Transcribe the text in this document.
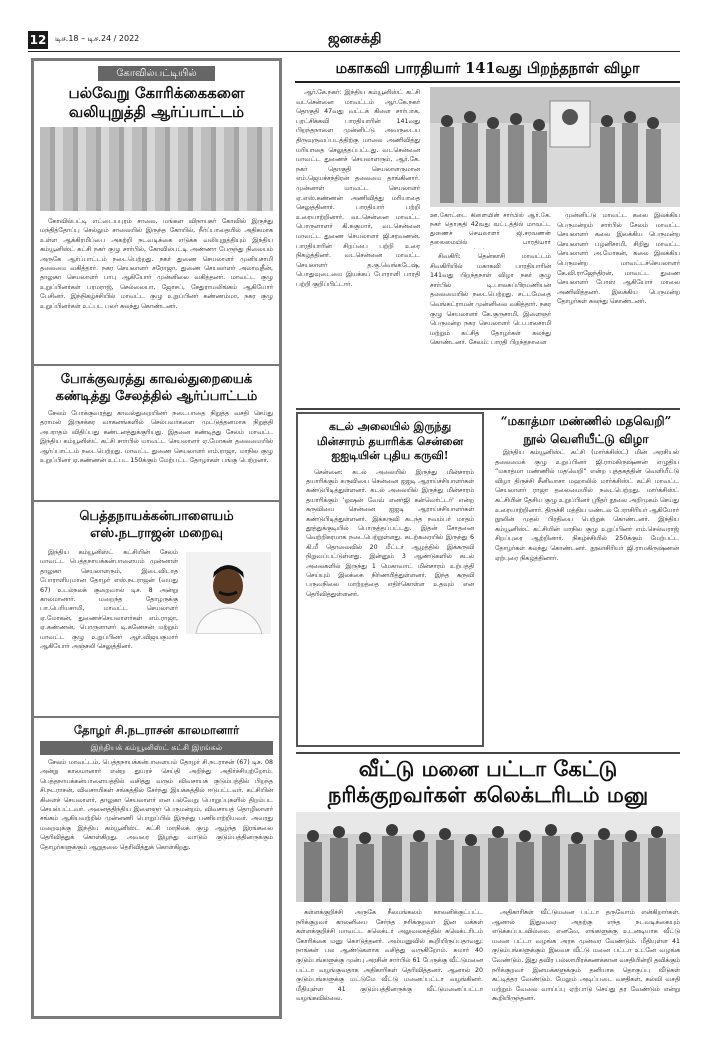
12 டிச.18 – டிச.24 / 2022	ஜனசக்தி
கோவில்பட்டியில்
பல்வேறு கோரிக்கைகளை வலியுறுத்தி ஆர்ப்பாட்டம்

கோவில்பட்டி எட்டையபுரம் சாலை, மங்கள விநாயகர் கோவில் இருந்து மந்தித்தோப்பு செல்லும் சாலையில் இருந்த கோயில், நீர்ப்பாதையில் அதிகமாக உள்ள ஆக்கிரமிப்பை அகற்றி நடவடிக்கை எடுக்க வலியுறுத்தியும் இந்திய கம்யூனிஸ்ட் கட்சி நகர் குழு சார்பில், கோவில்பட்டி அண்ணா பேருந்து நிலையம் அருகே ஆர்ப்பாட்டம் நடைபெற்றது. நகர் துணை செயலாளர் முனியசாமி தலைமை வகித்தார். நகர செயலாளர் சரோஜா, துணை செயலாளர் அலாவுதீன், தாலுகா செயலாளர் பாபு ஆகியோர் முன்னிலை வகித்தனர். மாவட்ட குழு உறுப்பினர்கள் பரமராஜ், செல்லையா, ஜோசப், சேதுராமலிங்கம் ஆகியோர் பேசினர். இந்நிகழ்ச்சியில் மாவட்ட குழு உறுப்பினர் கண்ணம்மா, நகர குழு உறுப்பினர்கள் உட்பட பலர் கலந்து கொண்டனர்.

போக்குவரத்து காவல்துறையைக் கண்டித்து சேலத்தில் ஆர்ப்பாட்டம்

சேலம் போக்குவரத்து காவல்துறையினர் நடைபாதை நிறுத்த வசதி செய்து தராமல் இருசக்கர வாகனங்களில் செல்பவர்களை முட்டுத்தனமாக நிறுத்தி அபராதம் விதிப்பது கண்டனத்துக்குரியது. இதனை கண்டித்து சேலம் மாவட்ட இந்திய கம்யூனிஸ்ட் கட்சி சார்பில் மாவட்ட செயலாளர் ஏ.மோகன் தலைமையில் ஆர்ப்பாட்டம் நடைபெற்றது. மாவட்ட துணை செயலாளர் எம்.ராஜா, மாநில குழு உறுப்பினர் ஏ.கண்ணன் உட்பட 150க்கும் மேற்பட்ட தோழர்கள் பங்கு பெற்றனர்.

பெத்தநாயக்கன்பாளையம் எஸ்.நடராஜன் மறைவு

இந்திய கம்யூனிஸ்ட் கட்சியின் சேலம் மாவட்ட பெத்தநாயக்கன்பாளையம் முன்னாள் தாலுகா செயலாளரும், இடைவிடாத போராளியுமான தோழர் எஸ்.நடராஜன் (வயது 67) உடல்நலக் குறைவால் டிச. 8 அன்று காலமானார். மறைந்த தோழருக்கு பா.பெரியசாமி, மாவட்ட செயலாளர் ஏ.மோகன், துணைச்செயலாளர்கள் எம்.ராஜா, ஏ.கண்ணன், பொருளாளர் டி.கணேசன் மற்றும் மாவட்ட குழு உறுப்பினர் ஆர்.விஜயகுமார் ஆகியோர் அஞ்சலி செலுத்தினர்.

தோழர் சி.நடராசன் காலமானார்
இந்தியக் கம்யூனிஸ்ட் கட்சி இரங்கல்

சேலம் மாவட்டம், பெத்தநாயக்கன்பாளையம் தோழர் சி.நடராசன் (67) டிச. 08 அன்று காலமானார் என்ற துயரச் செய்தி அறிந்து அதிர்ச்சியுற்றோம். பெத்தநாயக்கன்பாளையத்தில் வசித்து வரும் விவசாயக் குடும்பத்தில் பிறந்த சி.நடராசன், விவசாயிகள் சங்கத்தில் சேர்ந்து இயக்கத்தில் ஈடுபட்டவர். கட்சியின் கிளைச் செயலாளர், தாலுகா செயலாளர் என பல்வேறு பொறுப்புகளில் திறம்பட செயல்பட்டவர். அனைத்திந்திய இளைஞர் பெருமன்றம், விவசாயத் தொழிலாளர் சங்கம் ஆகியவற்றில் முன்னணி பொறுப்பில் இருந்து பணியாற்றியவர். அவரது மறைவுக்கு இந்திய கம்யூனிஸ்ட் கட்சி மாநிலக் குழு ஆழ்ந்த இரங்கலை தெரிவித்துக் கொள்கிறது. அவரை இழந்து வாடும் குடும்பத்தினருக்கும் தோழர்களுக்கும் ஆறுதலை தெரிவித்துக் கொள்கிறது.

மகாகவி பாரதியார் 141வது பிறந்தநாள் விழா

ஆர்.கே.நகர்: இந்திய கம்யூனிஸ்ட் கட்சி வடசென்னை மாவட்டம் ஆர்.கே.நகர் தொகுதி 47வது வட்டக் கிளை சார்பாக, புரட்சிக்கவி பாரதியாரின் 141வது பிறந்தநாளை முன்னிட்டு அவருடைய திருவுருவப்படத்திற்கு மாலை அணிவித்து மரியாதை செலுத்தப்பட்டது. வடசென்னை மாவட்ட துணைச் செயலாளரும், ஆர்.கே. நகர் தொகுதி செயலாளருமான எம்.ஜெயச்சந்திரன் தலைமை தாங்கினார். முன்னாள் மாவட்ட செயலாளர் ஏ.எஸ்.கண்ணன் அணிவித்து மரியாதை செலுத்தினார். பாரதியார் பற்றி உரையாற்றினார். வடசென்னை மாவட்ட பொருளாளர் கி.சுகுமார், வடசென்னை மாவட்ட துணை செயலாளர் ஜி.சரவணன், பாரதியாரின் சிறப்பை பற்றி உரை நிகழ்த்தினர். வடசென்னை மாவட்ட செயலாளர் த.கு.வெங்கடேஷ், பொதுவுடைமை இயக்கப் போராளி பாரதி பற்றி குறிப்பிட்டார்.

ஊ.கோட்டை கிளையின் சார்பில் ஆர்.கே. நகர் தொகுதி 42வது வட்டத்தில் மாவட்ட துணைச் செயலாளர் ஜி.சரவணன் தலைமையில் பாரதியார்

சிவகிரி: தென்காசி மாவட்டம் சிவகிரியில் மகாகவி பாரதியாரின் 141வது பிறந்தநாள் விழா நகர் குழு சார்பில் டி.பாலசுப்பிரமணியன் தலைமையில் நடைபெற்றது. சட்டமேதை வெங்கட்ராமன் முன்னிலை வகித்தார். நகர குழு செயலாளர் கே.குருசாமி, இளைஞர் பெருமன்ற நகர செயலாளர் பெ.பாலசாமி மற்றும் கட்சித் தோழர்கள் கலந்து கொண்டனர். சேலம்: பாரதி பிறந்தநாளை

முன்னிட்டு மாவட்ட கலை இலக்கிய பெருமன்றம் சார்பில் சேலம் மாவட்ட செயலாளர் கலை இலக்கிய பெருமன்ற செயலாளர் பழனிசாமி, சிறிது மாவட்ட செயலாளர் அ.மோகன், கலை இலக்கிய பெருமன்ற மாவட்டச்செயலாளர் கே.வி.ராஜேந்திரன், மாவட்ட துணை செயலாளர் போஸ் ஆகியோர் மாலை அணிவித்தனர். இலக்கிய பெருமன்ற தோழர்கள் கலந்து கொண்டனர்.

கடல் அலையில் இருந்து மின்சாரம் தயாரிக்க சென்னை ஐஐடியின் புதிய கருவி!

சென்னை: கடல் அலையில் இருந்து மின்சாரம் தயாரிக்கும் கருவியை சென்னை ஐஐடி ஆராய்ச்சியாளர்கள் கண்டுபிடித்துள்ளனர். கடல் அலையில் இருந்து மின்சாரம் தயாரிக்கும் 'ஓஷன் வேவ் எனர்ஜி கன்வெர்ட்டர்' என்ற கருவியை சென்னை ஐஐடி ஆராய்ச்சியாளர்கள் கண்டுபிடித்துள்ளனர். இக்கருவி கடந்த நவம்பர் மாதம் தூத்துக்குடியில் பொருத்தப்பட்டது. இதன் சோதனை வெற்றிகரமாக நடைபெற்றுள்ளது. கடற்கரையில் இருந்து 6 கி.மீ தொலைவில் 20 மீட்டர் ஆழத்தில் இக்கருவி நிறுவப்பட்டுள்ளது. இன்னும் 3 ஆண்டுகளில் கடல் அலைகளில் இருந்து 1 மெகாவாட் மின்சாரம் உற்பத்தி செய்யும் இலக்கை நிர்ணயித்துள்ளனர். இந்த கருவி பருவநிலை மாற்றத்தை எதிர்கொள்ள உதவும் என தெரிவித்துள்ளனர்.

“மகாத்மா மண்ணில் மதவெறி”
நூல் வெளியீட்டு விழா

இந்திய கம்யூனிஸ்ட் கட்சி (மார்க்சிஸ்ட்) மின் அரசியல் தலைமைக் குழு உறுப்பினர் ஜி.ராமகிருஷ்ணன் எழுதிய “மகாத்மா மண்ணில் மதவெறி” என்ற புத்தகத்தின் வெளியீட்டு விழா திருச்சி சீனிவாசா மஹாலில் மார்க்சிஸ்ட் கட்சி மாவட்ட செயலாளர் ராஜா தலைமையில் நடைபெற்றது. மார்க்சிஸ்ட் கட்சியின் தேசிய குழு உறுப்பினர் ஸ்ரீதர் நூலை அறிமுகம் செய்து உரையாற்றினார். திருச்சி மத்திய மண்டல பேராசிரியர் ஆகியோர் நூலின் முதல் பிரதியை பெற்றுக் கொண்டனர். இந்திய கம்யூனிஸ்ட் கட்சியின் மாநில குழு உறுப்பினர் எம்.செல்வராஜ் சிறப்புரை ஆற்றினார். நிகழ்ச்சியில் 250க்கும் மேற்பட்ட தோழர்கள் கலந்து கொண்டனர். நூலாசிரியர் ஜி.ராமகிருஷ்ணன் ஏற்புரை நிகழ்த்தினார்.

வீட்டு மனை பட்டா கேட்டு
நரிக்குறவர்கள் கலெக்டரிடம் மனு

கள்ளக்குறிச்சி அருகே நீலமங்கலம் காலனிக்குட்பட்ட நரிக்குறவர் காலனியை சேர்ந்த நரிக்குறவர் இன மக்கள் கள்ளக்குறிச்சி மாவட்ட கலெக்டர் அலுவலகத்தில் கலெக்டரிடம் கோரிக்கை மனு கொடுத்தனர். அம்மனுவில் கூறியிருப்பதாவது: நாங்கள் பல ஆண்டுகளாக வசித்து வருகிறோம். சுமார் 40 குடும்பங்களுக்கு முன்பு அரசின் சார்பில் 61 பேருக்கு வீட்டுமனை பட்டா வழங்குவதாக அதிகாரிகள் தெரிவித்தனர். ஆனால் 20 குடும்பங்களுக்கு மட்டுமே வீட்டு மனைப்பட்டா வழங்கினர். மீதியுள்ள 41 குடும்பத்தினருக்கு வீட்டுமனைப்பட்டா வழங்கவில்லை.

அதிகாரிகள் வீட்டுமனை பட்டா தருவோம் என்கிறார்கள். ஆனால் இதுவரை அதற்கு எந்த நடவடிக்கையும் எடுக்கப்படவில்லை. எனவே, எங்களுக்கு உடனடியாக வீட்டு மனை பட்டா வழங்க அரசு முன்வர வேண்டும். மீதியுள்ள 41 குடும்பங்களுக்கும் இலவச வீட்டு மனை பட்டா உடனே வழங்க வேண்டும். இது தவிர பல்லாயிரக்கணக்கான வசதியின்றி தவிக்கும் நரிக்குறவர் இனமக்களுக்கும் தனியாக தொகுப்பு வீடுகள் கட்டித்தர வேண்டும். மேலும் அடிப்படை வசதிகள், கல்வி வசதி மற்றும் வேலை வாய்ப்பு ஏற்பாடு செய்து தர வேண்டும் என்று கூறியிருந்தனர்.
